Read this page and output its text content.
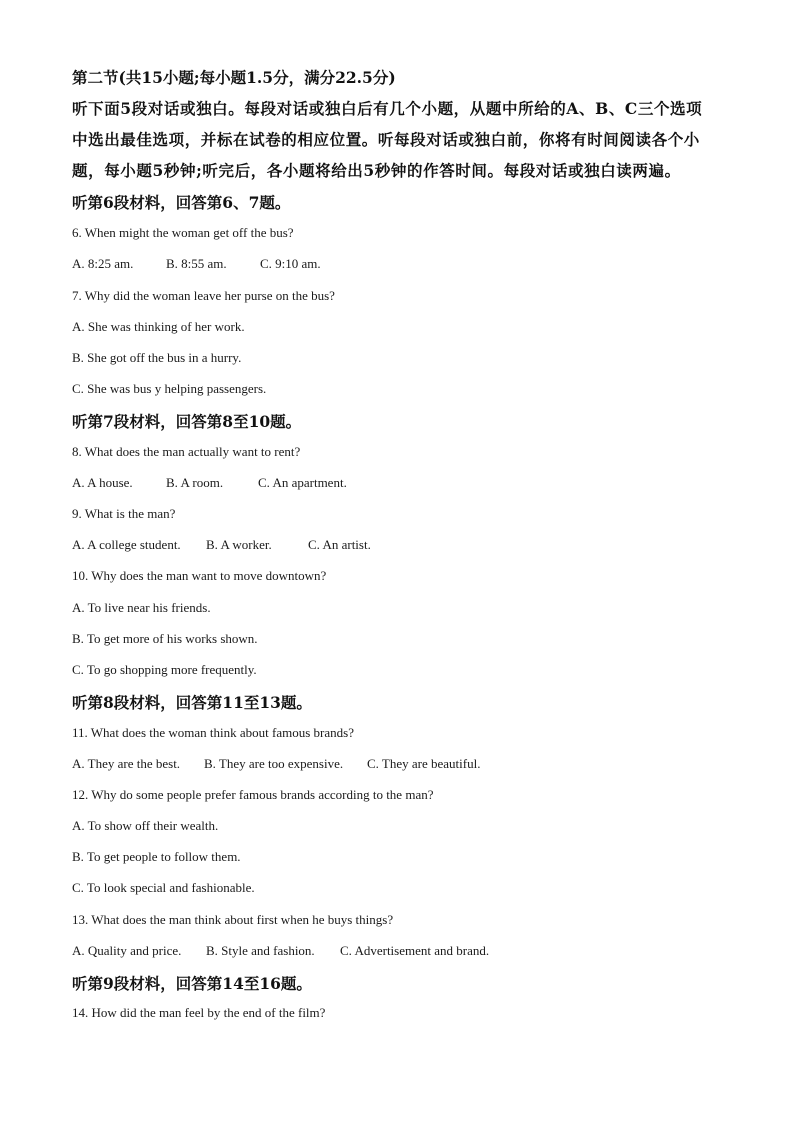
第二节(共15小题;每小题1.5分，满分22.5分)
听下面5段对话或独白。每段对话或独白后有几个小题，从题中所给的A、B、C三个选项
中选出最佳选项，并标在试卷的相应位置。听每段对话或独白前，你将有时间阅读各个小
题，每小题5秒钟;听完后，各小题将给出5秒钟的作答时间。每段对话或独白读两遍。
听第6段材料，回答第6、7题。
6. When might the woman get off the bus?
A. 8:25 am.	B. 8:55 am.	C. 9:10 am.
7. Why did the woman leave her purse on the bus?
A. She was thinking of her work.
B. She got off the bus in a hurry.
C. She was bus y helping passengers.
听第7段材料，回答第8至10题。
8. What does the man actually want to rent?
A. A house.	B. A room.	C. An apartment.
9. What is the man?
A. A college student. B. A worker.	C. An artist.
10. Why does the man want to move downtown?
A. To live near his friends.
B. To get more of his works shown.
C. To go shopping more frequently.
听第8段材料，回答第11至13题。
11. What does the woman think about famous brands?
A. They are the best. B. They are too expensive. C. They are beautiful.
12. Why do some people prefer famous brands according to the man?
A. To show off their wealth.
B. To get people to follow them.
C. To look special and fashionable.
13. What does the man think about first when he buys things?
A. Quality and price. B. Style and fashion. C. Advertisement and brand.
听第9段材料，回答第14至16题。
14. How did the man feel by the end of the film?
